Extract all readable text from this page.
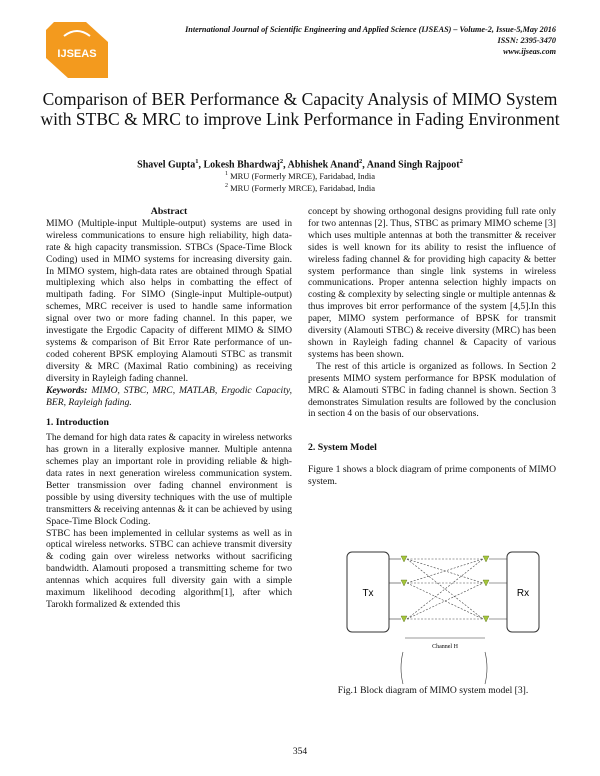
IJSEAS
International Journal of Scientific Engineering and Applied Science (IJSEAS) – Volume-2, Issue-5,May 2016
ISSN: 2395-3470
www.ijseas.com
Comparison of BER Performance & Capacity Analysis of MIMO System with STBC & MRC to improve Link Performance in Fading Environment
Shavel Gupta$^1$, Lokesh Bhardwaj$^2$, Abhishek Anand$^2$, Anand Singh Rajpoot$^2$
$^1$ MRU (Formerly MRCE), Faridabad, India
$^2$ MRU (Formerly MRCE), Faridabad, India

Abstract

MIMO (Multiple-input Multiple-output) systems are used in wireless communications to ensure high reliability, high data-rate & high capacity transmission. STBCs (Space-Time Block Coding) used in MIMO systems for increasing diversity gain. In MIMO system, high-data rates are obtained through Spatial multiplexing which also helps in combatting the effect of multipath fading. For SIMO (Single-input Multiple-output) schemes, MRC receiver is used to handle same information signal over two or more fading channel. In this paper, we investigate the Ergodic Capacity of different MIMO & SIMO systems & comparison of Bit Error Rate performance of un-coded coherent BPSK employing Alamouti STBC as transmit diversity & MRC (Maximal Ratio combining) as receiving diversity in Rayleigh fading channel.

Keywords: MIMO, STBC, MRC, MATLAB, Ergodic Capacity, BER, Rayleigh fading.

1. Introduction

The demand for high data rates & capacity in wireless networks has grown in a literally explosive manner. Multiple antenna schemes play an important role in providing reliable & high-data rates in next generation wireless communication system. Better transmission over fading channel environment is possible by using diversity techniques with the use of multiple transmitters & receiving antennas & it can be achieved by using Space-Time Block Coding.

STBC has been implemented in cellular systems as well as in optical wireless networks. STBC can achieve transmit diversity & coding gain over wireless networks without sacrificing bandwidth. Alamouti proposed a transmitting scheme for two antennas which acquires full diversity gain with a simple maximum likelihood decoding algorithm[1], after which Tarokh formalized & extended this

concept by showing orthogonal designs providing full rate only for two antennas [2]. Thus, STBC as primary MIMO scheme [3] which uses multiple antennas at both the transmitter & receiver sides is well known for its ability to resist the influence of wireless fading channel & for providing high capacity & better system performance than single link systems in wireless communications. Proper antenna selection highly impacts on costing & complexity by selecting single or multiple antennas & thus improves bit error performance of the system [4,5].In this paper, MIMO system performance of BPSK for transmit diversity (Alamouti STBC) & receive diversity (MRC) has been shown in Rayleigh fading channel & Capacity of various systems has been shown.

The rest of this article is organized as follows. In Section 2 presents MIMO system performance for BPSK modulation of MRC & Alamouti STBC in fading channel is shown. Section 3 demonstrates Simulation results are followed by the conclusion in section 4 on the basis of our observations.

2. System Model

Figure 1 shows a block diagram of prime components of MIMO system.

Tx	Rx
Channel H
Fig.1 Block diagram of MIMO system model [3].
354
